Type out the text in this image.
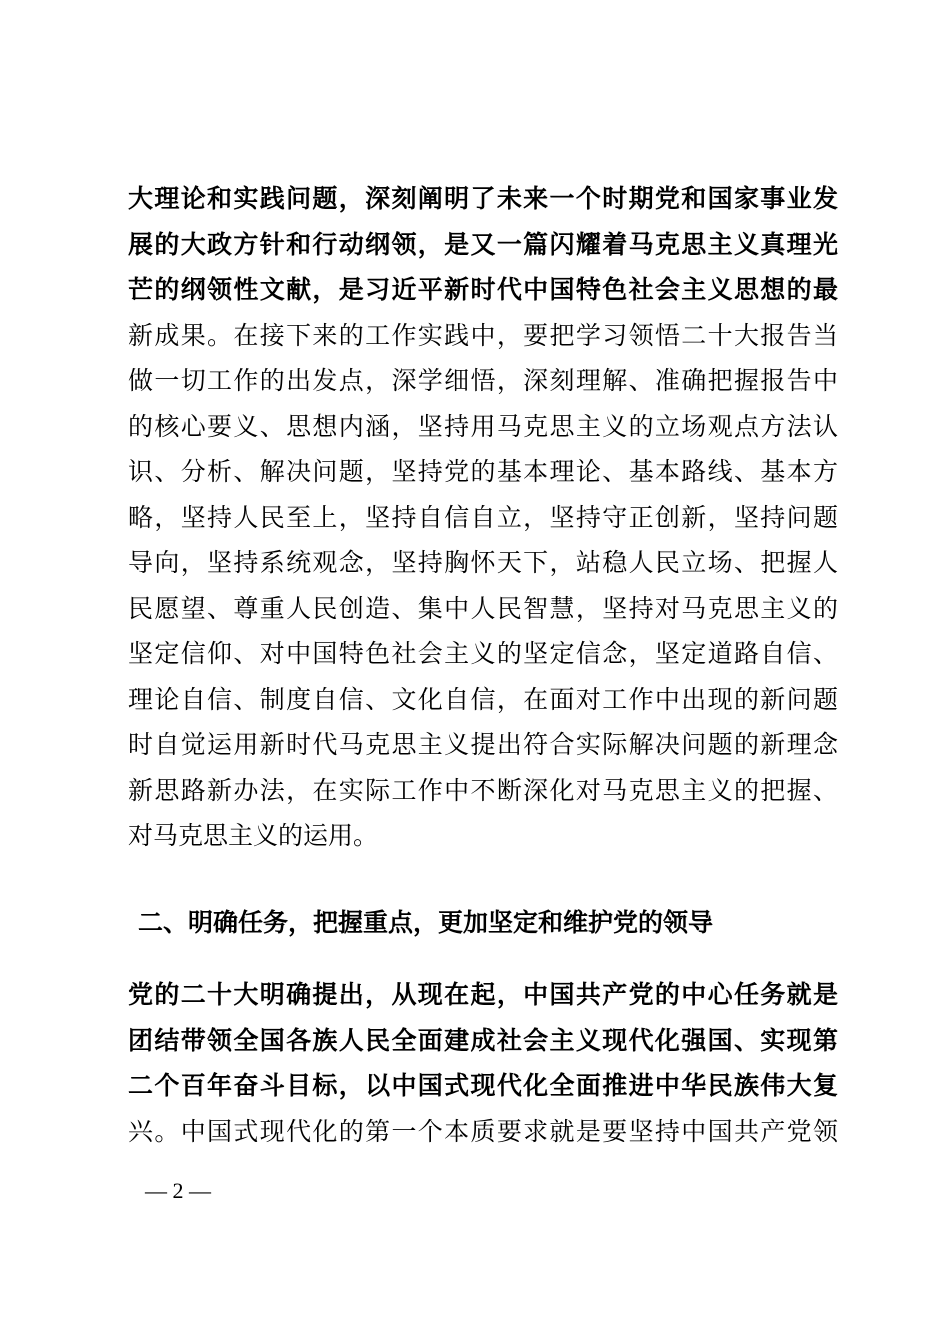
大理论和实践问题，深刻阐明了未来一个时期党和国家事业发
展的大政方针和行动纲领，是又一篇闪耀着马克思主义真理光
芒的纲领性文献，是习近平新时代中国特色社会主义思想的最
新成果。在接下来的工作实践中，要把学习领悟二十大报告当
做一切工作的出发点，深学细悟，深刻理解、准确把握报告中
的核心要义、思想内涵，坚持用马克思主义的立场观点方法认
识、分析、解决问题，坚持党的基本理论、基本路线、基本方
略，坚持人民至上，坚持自信自立，坚持守正创新，坚持问题
导向，坚持系统观念，坚持胸怀天下，站稳人民立场、把握人
民愿望、尊重人民创造、集中人民智慧，坚持对马克思主义的
坚定信仰、对中国特色社会主义的坚定信念，坚定道路自信、
理论自信、制度自信、文化自信，在面对工作中出现的新问题
时自觉运用新时代马克思主义提出符合实际解决问题的新理念
新思路新办法，在实际工作中不断深化对马克思主义的把握、
对马克思主义的运用。
二、明确任务，把握重点，更加坚定和维护党的领导
党的二十大明确提出，从现在起，中国共产党的中心任务就是
团结带领全国各族人民全面建成社会主义现代化强国、实现第
二个百年奋斗目标，以中国式现代化全面推进中华民族伟大复
兴。中国式现代化的第一个本质要求就是要坚持中国共产党领
— 2 —
